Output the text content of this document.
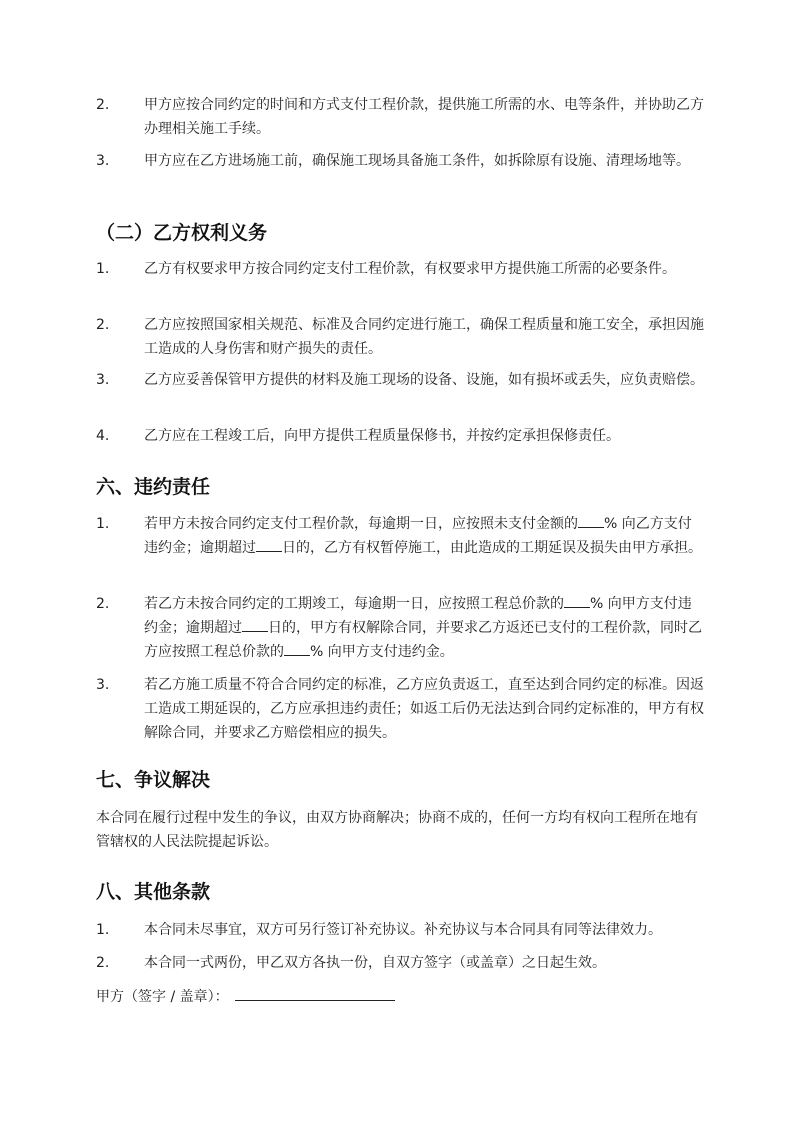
2.	甲方应按合同约定的时间和方式支付工程价款，提供施工所需的水、电等条件，并协助乙方办理相关施工手续。
3.	甲方应在乙方进场施工前，确保施工现场具备施工条件，如拆除原有设施、清理场地等。
（二）乙方权利义务
1.	乙方有权要求甲方按合同约定支付工程价款，有权要求甲方提供施工所需的必要条件。
2.	乙方应按照国家相关规范、标准及合同约定进行施工，确保工程质量和施工安全，承担因施工造成的人身伤害和财产损失的责任。
3.	乙方应妥善保管甲方提供的材料及施工现场的设备、设施，如有损坏或丢失，应负责赔偿。
4.	乙方应在工程竣工后，向甲方提供工程质量保修书，并按约定承担保修责任。
六、违约责任
1.	若甲方未按合同约定支付工程价款，每逾期一日，应按照未支付金额的 % 向乙方支付违约金；逾期超过 日的，乙方有权暂停施工，由此造成的工期延误及损失由甲方承担。
2.	若乙方未按合同约定的工期竣工，每逾期一日，应按照工程总价款的 % 向甲方支付违约金；逾期超过 日的，甲方有权解除合同，并要求乙方返还已支付的工程价款，同时乙方应按照工程总价款的 % 向甲方支付违约金。
3.	若乙方施工质量不符合合同约定的标准，乙方应负责返工，直至达到合同约定的标准。因返工造成工期延误的，乙方应承担违约责任；如返工后仍无法达到合同约定标准的，甲方有权解除合同，并要求乙方赔偿相应的损失。
七、争议解决
本合同在履行过程中发生的争议，由双方协商解决；协商不成的，任何一方均有权向工程所在地有管辖权的人民法院提起诉讼。
八、其他条款
1.	本合同未尽事宜，双方可另行签订补充协议。补充协议与本合同具有同等法律效力。
2.	本合同一式两份，甲乙双方各执一份，自双方签字（或盖章）之日起生效。
甲方（签字 / 盖章）：
